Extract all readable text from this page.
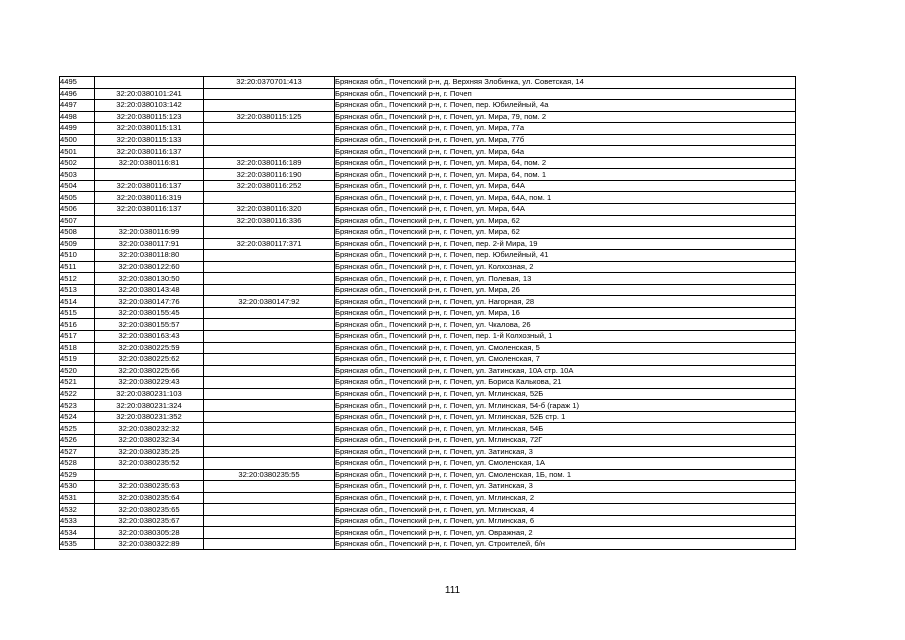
4495		32:20:0370701:413	Брянская обл., Почепский р-н, д. Верхняя Злобинка, ул. Советская, 14
4496	32:20:0380101:241		Брянская обл., Почепский р-н, г. Почеп
4497	32:20:0380103:142		Брянская обл., Почепский р-н, г. Почеп, пер. Юбилейный, 4а
4498	32:20:0380115:123	32:20:0380115:125	Брянская обл., Почепский р-н, г. Почеп, ул. Мира, 79, пом. 2
4499	32:20:0380115:131		Брянская обл., Почепский р-н, г. Почеп, ул. Мира, 77а
4500	32:20:0380115:133		Брянская обл., Почепский р-н, г. Почеп, ул. Мира, 77б
4501	32:20:0380116:137		Брянская обл., Почепский р-н, г. Почеп, ул. Мира, 64а
4502	32:20:0380116:81	32:20:0380116:189	Брянская обл., Почепский р-н, г. Почеп, ул. Мира, 64, пом. 2
4503		32:20:0380116:190	Брянская обл., Почепский р-н, г. Почеп, ул. Мира, 64, пом. 1
4504	32:20:0380116:137	32:20:0380116:252	Брянская обл., Почепский р-н, г. Почеп, ул. Мира, 64А
4505	32:20:0380116:319		Брянская обл., Почепский р-н, г. Почеп, ул. Мира, 64А, пом. 1
4506	32:20:0380116:137	32:20:0380116:320	Брянская обл., Почепский р-н, г. Почеп, ул. Мира, 64А
4507		32:20:0380116:336	Брянская обл., Почепский р-н, г. Почеп, ул. Мира, 62
4508	32:20:0380116:99		Брянская обл., Почепский р-н, г. Почеп, ул. Мира, 62
4509	32:20:0380117:91	32:20:0380117:371	Брянская обл., Почепский р-н, г. Почеп, пер. 2-й Мира, 19
4510	32:20:0380118:80		Брянская обл., Почепский р-н, г. Почеп, пер. Юбилейный, 41
4511	32:20:0380122:60		Брянская обл., Почепский р-н, г. Почеп, ул. Колхозная, 2
4512	32:20:0380130:50		Брянская обл., Почепский р-н, г. Почеп, ул. Полевая, 13
4513	32:20:0380143:48		Брянская обл., Почепский р-н, г. Почеп, ул. Мира, 26
4514	32:20:0380147:76	32:20:0380147:92	Брянская обл., Почепский р-н, г. Почеп, ул. Нагорная, 28
4515	32:20:0380155:45		Брянская обл., Почепский р-н, г. Почеп, ул. Мира, 16
4516	32:20:0380155:57		Брянская обл., Почепский р-н, г. Почеп, ул. Чкалова, 26
4517	32:20:0380163:43		Брянская обл., Почепский р-н, г. Почеп, пер. 1-й Колхозный, 1
4518	32:20:0380225:59		Брянская обл., Почепский р-н, г. Почеп, ул. Смоленская, 5
4519	32:20:0380225:62		Брянская обл., Почепский р-н, г. Почеп, ул. Смоленская, 7
4520	32:20:0380225:66		Брянская обл., Почепский р-н, г. Почеп, ул. Затинская, 10А стр. 10А
4521	32:20:0380229:43		Брянская обл., Почепский р-н, г. Почеп, ул. Бориса Калькова, 21
4522	32:20:0380231:103		Брянская обл., Почепский р-н, г. Почеп, ул. Мглинская, 52Б
4523	32:20:0380231:324		Брянская обл., Почепский р-н, г. Почеп, ул. Мглинская, 54-б (гараж 1)
4524	32:20:0380231:352		Брянская обл., Почепский р-н, г. Почеп, ул. Мглинская, 52Б стр. 1
4525	32:20:0380232:32		Брянская обл., Почепский р-н, г. Почеп, ул. Мглинская, 54Б
4526	32:20:0380232:34		Брянская обл., Почепский р-н, г. Почеп, ул. Мглинская, 72Г
4527	32:20:0380235:25		Брянская обл., Почепский р-н, г. Почеп, ул. Затинская, 3
4528	32:20:0380235:52		Брянская обл., Почепский р-н, г. Почеп, ул. Смоленская, 1А
4529		32:20:0380235:55	Брянская обл., Почепский р-н, г. Почеп, ул. Смоленская, 1Б, пом. 1
4530	32:20:0380235:63		Брянская обл., Почепский р-н, г. Почеп, ул. Затинская, 3
4531	32:20:0380235:64		Брянская обл., Почепский р-н, г. Почеп, ул. Мглинская, 2
4532	32:20:0380235:65		Брянская обл., Почепский р-н, г. Почеп, ул. Мглинская, 4
4533	32:20:0380235:67		Брянская обл., Почепский р-н, г. Почеп, ул. Мглинская, 6
4534	32:20:0380305:28		Брянская обл., Почепский р-н, г. Почеп, ул. Овражная, 2
4535	32:20:0380322:89		Брянская обл., Почепский р-н, г. Почеп, ул. Строителей, б/н
111
